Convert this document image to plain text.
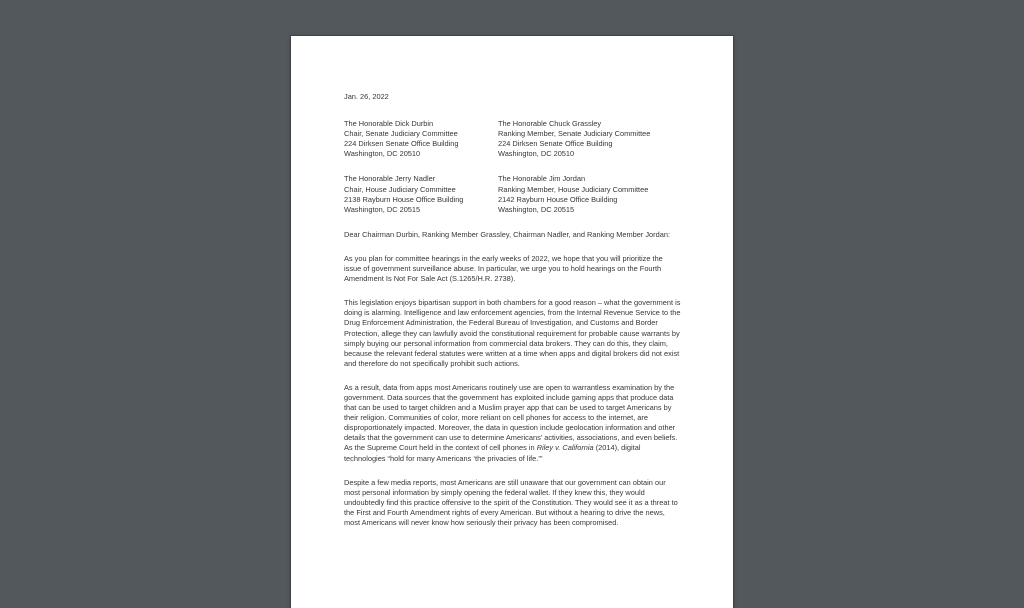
Jan. 26, 2022
The Honorable Dick Durbin
Chair, Senate Judiciary Committee
224 Dirksen Senate Office Building
Washington, DC 20510
The Honorable Chuck Grassley
Ranking Member, Senate Judiciary Committee
224 Dirksen Senate Office Building
Washington, DC 20510
The Honorable Jerry Nadler
Chair, House Judiciary Committee
2138 Rayburn House Office Building
Washington, DC 20515
The Honorable Jim Jordan
Ranking Member, House Judiciary Committee
2142 Rayburn House Office Building
Washington, DC 20515

Dear Chairman Durbin, Ranking Member Grassley, Chairman Nadler, and Ranking Member Jordan:

As you plan for committee hearings in the early weeks of 2022, we hope that you will prioritize the issue of government surveillance abuse. In particular, we urge you to hold hearings on the Fourth Amendment Is Not For Sale Act (S.1265/H.R. 2738).

This legislation enjoys bipartisan support in both chambers for a good reason – what the government is doing is alarming. Intelligence and law enforcement agencies, from the Internal Revenue Service to the Drug Enforcement Administration, the Federal Bureau of Investigation, and Customs and Border Protection, allege they can lawfully avoid the constitutional requirement for probable cause warrants by simply buying our personal information from commercial data brokers. They can do this, they claim, because the relevant federal statutes were written at a time when apps and digital brokers did not exist and therefore do not specifically prohibit such actions.

As a result, data from apps most Americans routinely use are open to warrantless examination by the government. Data sources that the government has exploited include gaming apps that produce data that can be used to target children and a Muslim prayer app that can be used to target Americans by their religion. Communities of color, more reliant on cell phones for access to the internet, are disproportionately impacted. Moreover, the data in question include geolocation information and other details that the government can use to determine Americans’ activities, associations, and even beliefs. As the Supreme Court held in the context of cell phones in Riley v. California (2014), digital technologies “hold for many Americans ‘the privacies of life.’”

Despite a few media reports, most Americans are still unaware that our government can obtain our most personal information by simply opening the federal wallet. If they knew this, they would undoubtedly find this practice offensive to the spirit of the Constitution. They would see it as a threat to the First and Fourth Amendment rights of every American. But without a hearing to drive the news, most Americans will never know how seriously their privacy has been compromised.
